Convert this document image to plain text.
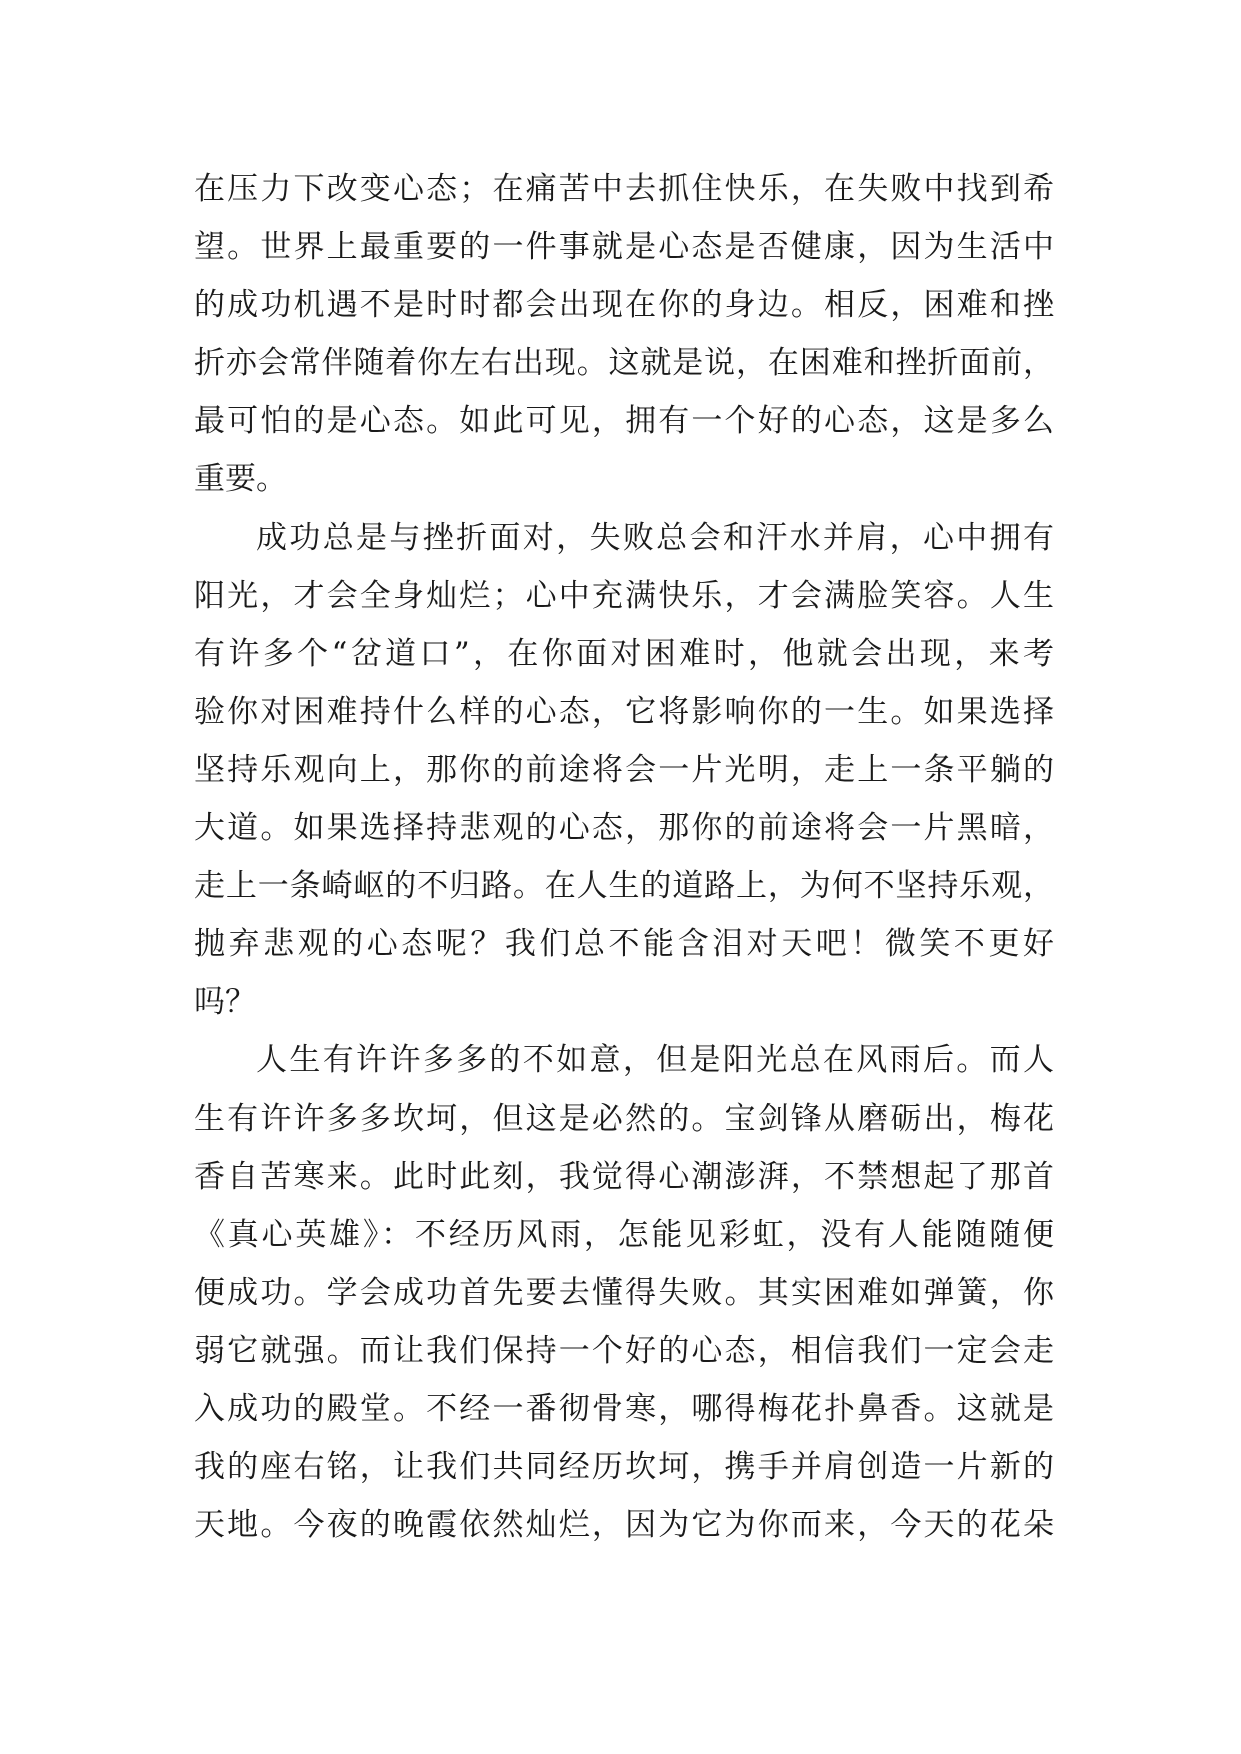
在压力下改变心态；在痛苦中去抓住快乐，在失败中找到希
望。世界上最重要的一件事就是心态是否健康，因为生活中
的成功机遇不是时时都会出现在你的身边。相反，困难和挫
折亦会常伴随着你左右出现。这就是说，在困难和挫折面前，
最可怕的是心态。如此可见，拥有一个好的心态，这是多么
重要。
成功总是与挫折面对，失败总会和汗水并肩，心中拥有
阳光，才会全身灿烂；心中充满快乐，才会满脸笑容。人生
有许多个“岔道口”，在你面对困难时，他就会出现，来考
验你对困难持什么样的心态，它将影响你的一生。如果选择
坚持乐观向上，那你的前途将会一片光明，走上一条平躺的
大道。如果选择持悲观的心态，那你的前途将会一片黑暗，
走上一条崎岖的不归路。在人生的道路上，为何不坚持乐观，
抛弃悲观的心态呢？我们总不能含泪对天吧！微笑不更好
吗？
人生有许许多多的不如意，但是阳光总在风雨后。而人
生有许许多多坎坷，但这是必然的。宝剑锋从磨砺出，梅花
香自苦寒来。此时此刻，我觉得心潮澎湃，不禁想起了那首
《真心英雄》：不经历风雨，怎能见彩虹，没有人能随随便
便成功。学会成功首先要去懂得失败。其实困难如弹簧，你
弱它就强。而让我们保持一个好的心态，相信我们一定会走
入成功的殿堂。不经一番彻骨寒，哪得梅花扑鼻香。这就是
我的座右铭，让我们共同经历坎坷，携手并肩创造一片新的
天地。今夜的晚霞依然灿烂，因为它为你而来，今天的花朵
